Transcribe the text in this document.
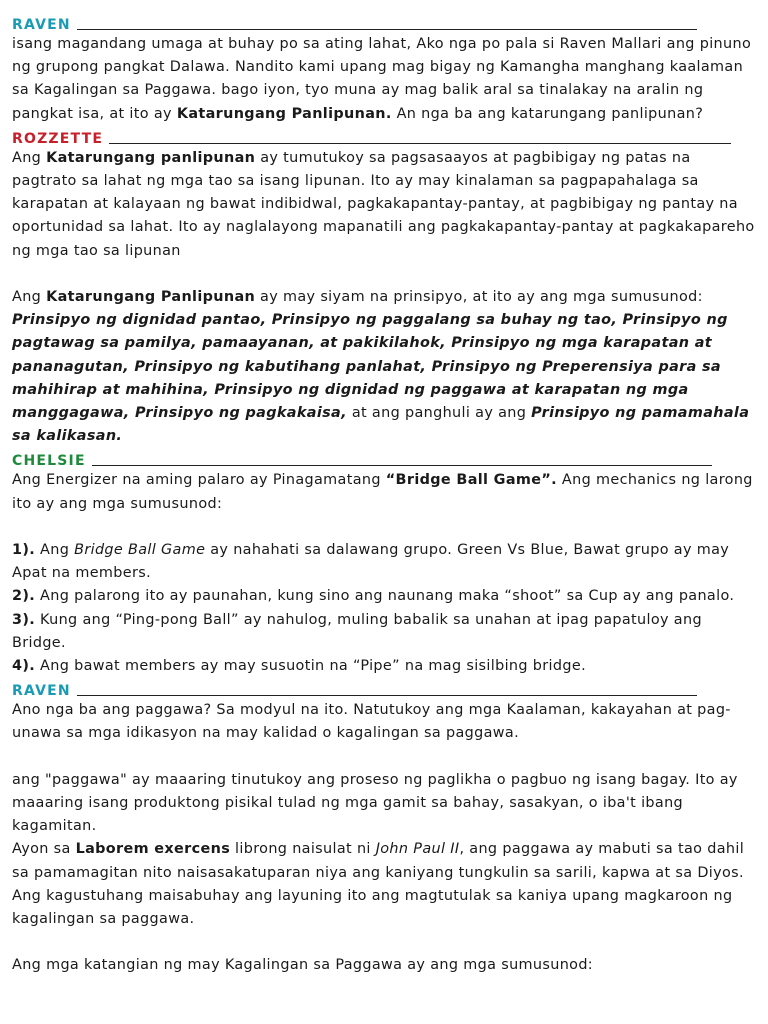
RAVEN

isang magandang umaga at buhay po sa ating lahat, Ako nga po pala si Raven Mallari ang pinuno ng grupong pangkat Dalawa. Nandito kami upang mag bigay ng Kamangha manghang kaalaman sa Kagalingan sa Paggawa. bago iyon, tyo muna ay mag balik aral sa tinalakay na aralin ng pangkat isa, at ito ay Katarungang Panlipunan. An nga ba ang katarungang panlipunan?

ROZZETTE

Ang Katarungang panlipunan ay tumutukoy sa pagsasaayos at pagbibigay ng patas na pagtrato sa lahat ng mga tao sa isang lipunan. Ito ay may kinalaman sa pagpapahalaga sa karapatan at kalayaan ng bawat indibidwal, pagkakapantay-pantay, at pagbibigay ng pantay na oportunidad sa lahat. Ito ay naglalayong mapanatili ang pagkakapantay-pantay at pagkakapareho ng mga tao sa lipunan

Ang Katarungang Panlipunan ay may siyam na prinsipyo, at ito ay ang mga sumusunod: Prinsipyo ng dignidad pantao, Prinsipyo ng paggalang sa buhay ng tao, Prinsipyo ng pagtawag sa pamilya, pamaayanan, at pakikilahok, Prinsipyo ng mga karapatan at pananagutan, Prinsipyo ng kabutihang panlahat, Prinsipyo ng Preperensiya para sa mahihirap at mahihina, Prinsipyo ng dignidad ng paggawa at karapatan ng mga manggagawa, Prinsipyo ng pagkakaisa, at ang panghuli ay ang Prinsipyo ng pamamahala sa kalikasan.

CHELSIE

Ang Energizer na aming palaro ay Pinagamatang “Bridge Ball Game”. Ang mechanics ng larong ito ay ang mga sumusunod:

1). Ang Bridge Ball Game ay nahahati sa dalawang grupo. Green Vs Blue, Bawat grupo ay may Apat na members.

2). Ang palarong ito ay paunahan, kung sino ang naunang maka “shoot” sa Cup ay ang panalo.

3). Kung ang “Ping-pong Ball” ay nahulog, muling babalik sa unahan at ipag papatuloy ang Bridge.

4). Ang bawat members ay may susuotin na “Pipe” na mag sisilbing bridge.

RAVEN

Ano nga ba ang paggawa? Sa modyul na ito. Natutukoy ang mga Kaalaman, kakayahan at pag-unawa sa mga idikasyon na may kalidad o kagalingan sa paggawa.

ang "paggawa" ay maaaring tinutukoy ang proseso ng paglikha o pagbuo ng isang bagay. Ito ay maaaring isang produktong pisikal tulad ng mga gamit sa bahay, sasakyan, o iba't ibang kagamitan.

Ayon sa Laborem exercens librong naisulat ni John Paul II, ang paggawa ay mabuti sa tao dahil sa pamamagitan nito naisasakatuparan niya ang kaniyang tungkulin sa sarili, kapwa at sa Diyos. Ang kagustuhang maisabuhay ang layuning ito ang magtutulak sa kaniya upang magkaroon ng kagalingan sa paggawa.

Ang mga katangian ng may Kagalingan sa Paggawa ay ang mga sumusunod:
